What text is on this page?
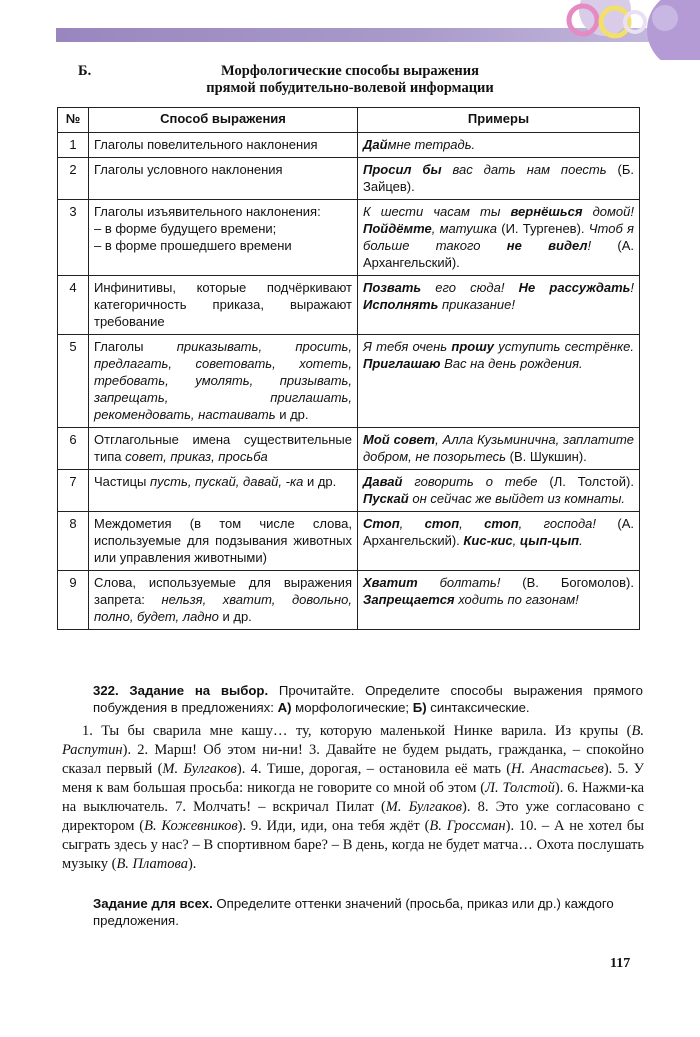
Б.	Морфологические способы выражения
прямой побудительно-волевой информации
№	Способ выражения	Примеры
1	Глаголы повелительного наклонения	Даймне тетрадь.
2	Глаголы условного наклонения	Просил бы вас дать нам поесть (Б. Зайцев).
3	Глаголы изъявительного наклонения:
– в форме будущего времени;
– в форме прошедшего времени	К шести часам ты вернёшься домой! Пойдёмте, матушка (И. Тургенев). Чтоб я больше такого не видел! (А. Архангельский).
4	Инфинитивы, которые подчёркивают категоричность приказа, выражают требование	Позвать его сюда! Не рассуждать! Исполнять приказание!
5	Глаголы приказывать, просить, предлагать, советовать, хотеть, требовать, умолять, призывать, запрещать, приглашать, рекомендовать, настаивать и др.	Я тебя очень прошу уступить сестрёнке. Приглашаю Вас на день рождения.
6	Отглагольные имена существительные типа совет, приказ, просьба	Мой совет, Алла Кузьминична, заплатите добром, не позорьтесь (В. Шукшин).
7	Частицы пусть, пускай, давай, -ка и др.	Давай говорить о тебе (Л. Толстой). Пускай он сейчас же выйдет из комнаты.
8	Междометия (в том числе слова, используемые для подзывания животных или управления животными)	Стоп, стоп, стоп, господа! (А. Архангельский). Кис-кис, цып-цып.
9	Слова, используемые для выражения запрета: нельзя, хватит, довольно, полно, будет, ладно и др.	Хватит болтать! (В. Богомолов). Запрещается ходить по газонам!
322. Задание на выбор. Прочитайте. Определите способы выражения прямого побуждения в предложениях: А) морфологические; Б) синтаксические.
1. Ты бы сварила мне кашу… ту, которую маленькой Нинке варила. Из крупы (В. Распутин). 2. Марш! Об этом ни-ни! 3. Давайте не будем рыдать, гражданка, – спокойно сказал первый (М. Булгаков). 4. Тише, дорогая, – остановила её мать (Н. Анастасьев). 5. У меня к вам большая просьба: никогда не говорите со мной об этом (Л. Толстой). 6. Нажми-ка на выключатель. 7. Молчать! – вскричал Пилат (М. Булгаков). 8. Это уже согласовано с директором (В. Кожевников). 9. Иди, иди, она тебя ждёт (В. Гроссман). 10. – А не хотел бы сыграть здесь у нас? – В спортивном баре? – В день, когда не будет матча… Охота послушать музыку (В. Платова).
Задание для всех. Определите оттенки значений (просьба, приказ или др.) каждого предложения.
117
